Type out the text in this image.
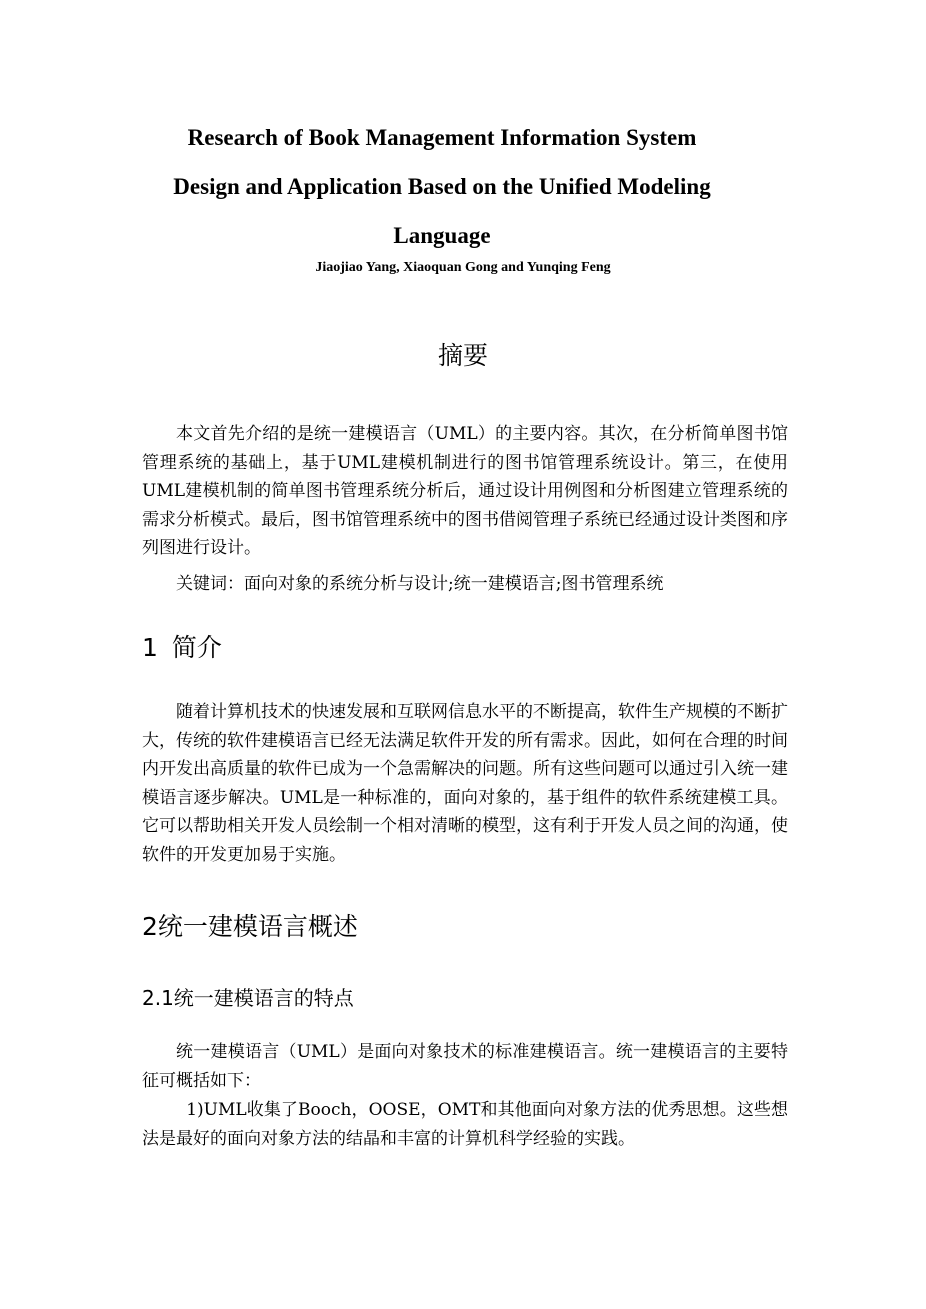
Research of Book Management Information System
Design and Application Based on the Unified Modeling
Language
Jiaojiao Yang, Xiaoquan Gong and Yunqing Feng
摘要

本文首先介绍的是统一建模语言（UML）的主要内容。其次，在分析简单图书馆管理系统的基础上，基于UML建模机制进行的图书馆管理系统设计。第三，在使用UML建模机制的简单图书管理系统分析后，通过设计用例图和分析图建立管理系统的需求分析模式。最后，图书馆管理系统中的图书借阅管理子系统已经通过设计类图和序列图进行设计。

关键词：面向对象的系统分析与设计;统一建模语言;图书管理系统

1 简介

随着计算机技术的快速发展和互联网信息水平的不断提高，软件生产规模的不断扩大，传统的软件建模语言已经无法满足软件开发的所有需求。因此，如何在合理的时间内开发出高质量的软件已成为一个急需解决的问题。所有这些问题可以通过引入统一建模语言逐步解决。UML是一种标准的，面向对象的，基于组件的软件系统建模工具。它可以帮助相关开发人员绘制一个相对清晰的模型，这有利于开发人员之间的沟通，使软件的开发更加易于实施。

2统一建模语言概述
2.1统一建模语言的特点

统一建模语言（UML）是面向对象技术的标准建模语言。统一建模语言的主要特征可概括如下：

1)UML收集了Booch，OOSE，OMT和其他面向对象方法的优秀思想。这些想法是最好的面向对象方法的结晶和丰富的计算机科学经验的实践。
